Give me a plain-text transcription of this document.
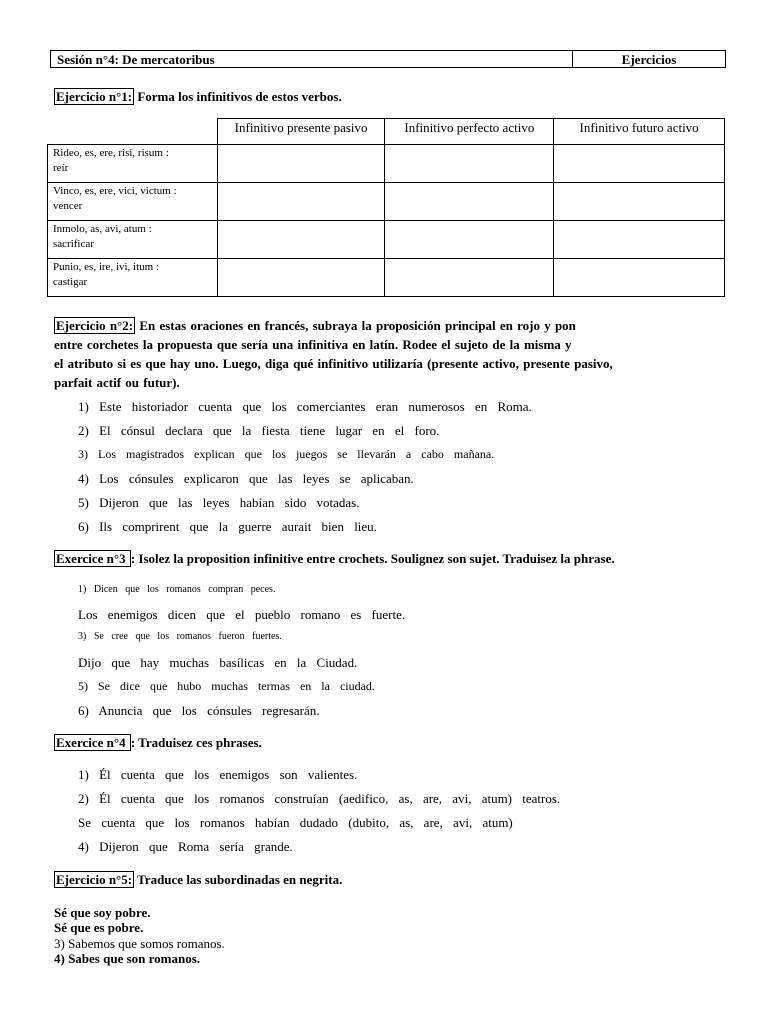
Sesión n°4: De mercatoribus	Ejercicios
Ejercicio n°1: Forma los infinitivos de estos verbos.
	Infinitivo presente pasivo	Infinitivo perfecto activo	Infinitivo futuro activo
Rideo, es, ere, risi, risum :
reír			
Vinco, es, ere, vici, victum :
vencer			
Inmolo, as, avi, atum :
sacrificar			
Punio, es, ire, ivi, itum :
castigar			
Ejercicio n°2: En estas oraciones en francés, subraya la proposición principal en rojo y pon
entre corchetes la propuesta que sería una infinitiva en latín. Rodee el sujeto de la misma y
el atributo si es que hay uno. Luego, diga qué infinitivo utilizaría (presente activo, presente pasivo,
parfait actif ou futur).
1) Este historiador cuenta que los comerciantes eran numerosos en Roma.
2) El cónsul declara que la fiesta tiene lugar en el foro.
3) Los magistrados explican que los juegos se llevarán a cabo mañana.
4) Los cónsules explicaron que las leyes se aplicaban.
5) Dijeron que las leyes habían sido votadas.
6) Ils comprirent que la guerre aurait bien lieu.
Exercice n°3 : Isolez la proposition infinitive entre crochets. Soulignez son sujet. Traduisez la phrase.
1) Dicen que los romanos compran peces.
Los enemigos dicen que el pueblo romano es fuerte.
3) Se cree que los romanos fueron fuertes.
Dijo que hay muchas basílicas en la Ciudad.
5) Se dice que hubo muchas termas en la ciudad.
6) Anuncia que los cónsules regresarán.
Exercice n°4 : Traduisez ces phrases.
1) Él cuenta que los enemigos son valientes.
2) Él cuenta que los romanos construían (aedifico, as, are, avi, atum) teatros.
Se cuenta que los romanos habían dudado (dubito, as, are, avi, atum)
4) Dijeron que Roma sería grande.
Ejercicio n°5: Traduce las subordinadas en negrita.
Sé que soy pobre.
Sé que es pobre.
3) Sabemos que somos romanos.
4) Sabes que son romanos.
